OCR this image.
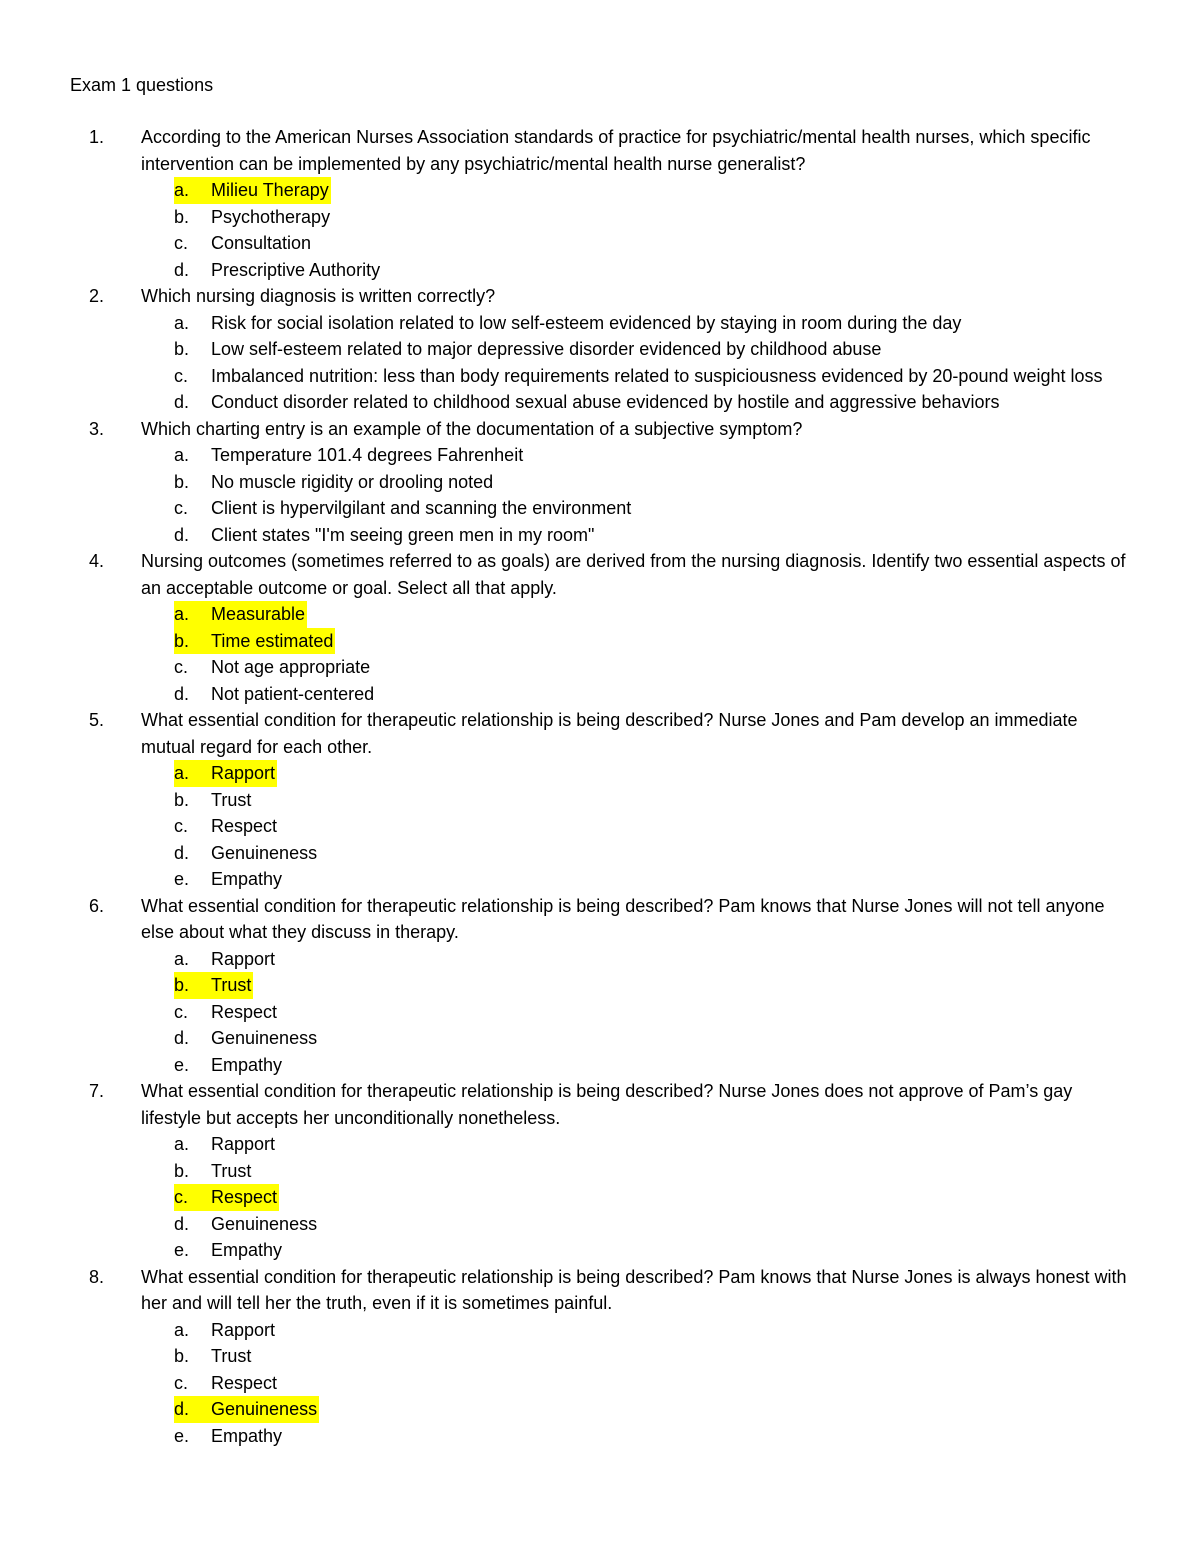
Exam 1 questions
1. According to the American Nurses Association standards of practice for psychiatric/mental health nurses, which specific intervention can be implemented by any psychiatric/mental health nurse generalist?
a.	Milieu Therapy
b.	Psychotherapy
c.	Consultation
d.	Prescriptive Authority
2. Which nursing diagnosis is written correctly?
a.	Risk for social isolation related to low self-esteem evidenced by staying in room during the day
b.	Low self-esteem related to major depressive disorder evidenced by childhood abuse
c.	Imbalanced nutrition: less than body requirements related to suspiciousness evidenced by 20-pound weight loss
d.	Conduct disorder related to childhood sexual abuse evidenced by hostile and aggressive behaviors
3. Which charting entry is an example of the documentation of a subjective symptom?
a.	Temperature 101.4 degrees Fahrenheit
b.	No muscle rigidity or drooling noted
c.	Client is hypervilgilant and scanning the environment
d.	Client states "I'm seeing green men in my room"
4. Nursing outcomes (sometimes referred to as goals) are derived from the nursing diagnosis. Identify two essential aspects of an acceptable outcome or goal. Select all that apply.
a.	Measurable
b.	Time estimated
c.	Not age appropriate
d.	Not patient-centered
5. What essential condition for therapeutic relationship is being described? Nurse Jones and Pam develop an immediate mutual regard for each other.
a.	Rapport
b.	Trust
c.	Respect
d.	Genuineness
e.	Empathy
6. What essential condition for therapeutic relationship is being described? Pam knows that Nurse Jones will not tell anyone else about what they discuss in therapy.
a.	Rapport
b.	Trust
c.	Respect
d.	Genuineness
e.	Empathy
7. What essential condition for therapeutic relationship is being described? Nurse Jones does not approve of Pam’s gay lifestyle but accepts her unconditionally nonetheless.
a.	Rapport
b.	Trust
c.	Respect
d.	Genuineness
e.	Empathy
8. What essential condition for therapeutic relationship is being described? Pam knows that Nurse Jones is always honest with her and will tell her the truth, even if it is sometimes painful.
a.	Rapport
b.	Trust
c.	Respect
d.	Genuineness
e.	Empathy
